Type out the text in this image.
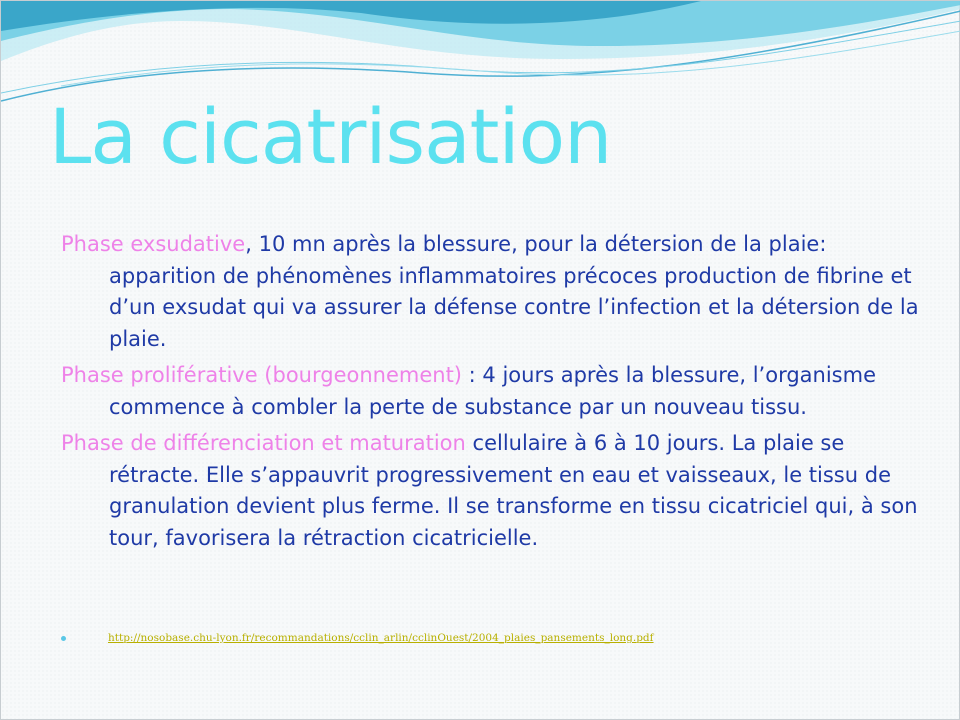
La cicatrisation

Phase exsudative, 10 mn après la blessure, pour la détersion de la plaie: apparition de phénomènes inflammatoires précoces production de fibrine et d’un exsudat qui va assurer la défense contre l’infection et la détersion de la plaie.

Phase proliférative (bourgeonnement) : 4 jours après la blessure, l’organisme commence à combler la perte de substance par un nouveau tissu.

Phase de différenciation et maturation cellulaire à 6 à 10 jours. La plaie se rétracte. Elle s’appauvrit progressivement en eau et vaisseaux, le tissu de granulation devient plus ferme. Il se transforme en tissu cicatriciel qui, à son tour, favorisera la rétraction cicatricielle.

http://nosobase.chu-lyon.fr/recommandations/cclin_arlin/cclinOuest/2004_plaies_pansements_long.pdf
